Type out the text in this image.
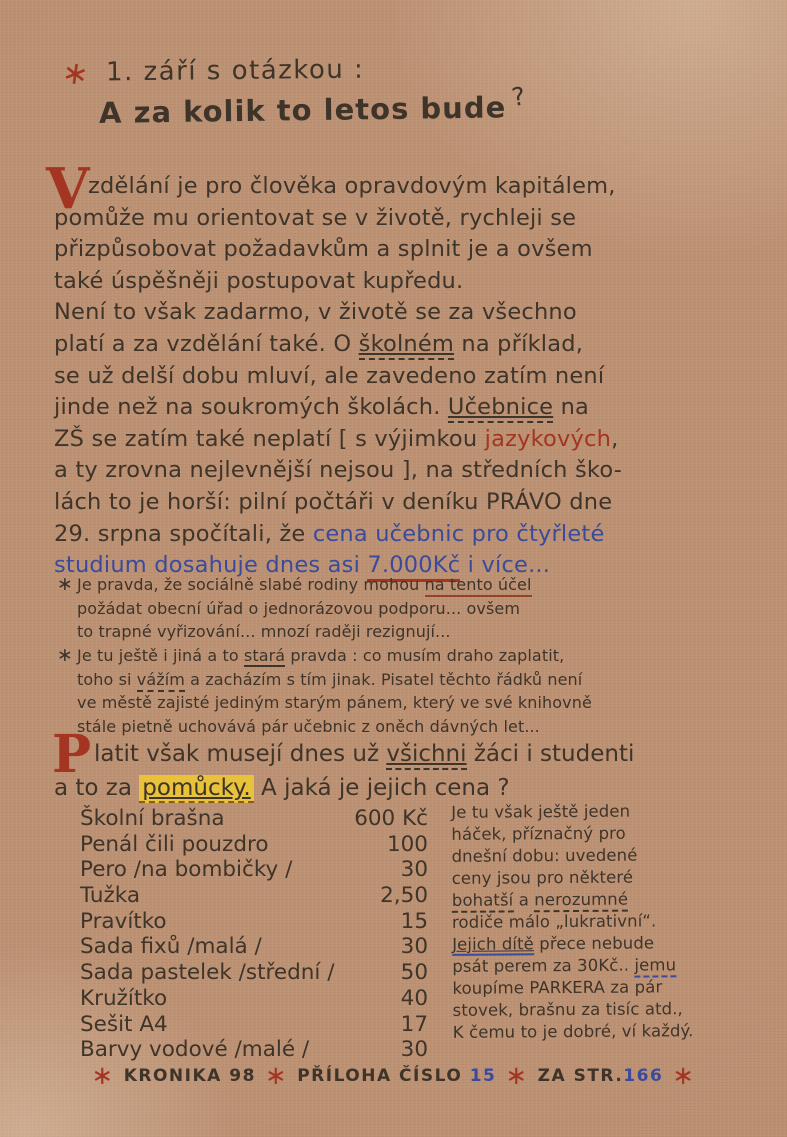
∗ 1. září s otázkou :
A za kolik to letos bude ?
V
zdělání je pro člověka opravdovým kapitálem,
pomůže mu orientovat se v životě, rychleji se
přizpůsobovat požadavkům a splnit je a ovšem
také úspěšněji postupovat kupředu.
Není to však zadarmo, v životě se za všechno
platí a za vzdělání také. O školném na příklad,
se už delší dobu mluví, ale zavedeno zatím není
jinde než na soukromých školách. Učebnice na
ZŠ se zatím také neplatí [ s výjimkou jazykových,
a ty zrovna nejlevnější nejsou ], na středních ško-
lách to je horší: pilní počtáři v deníku PRÁVO dne
29. srpna spočítali, že cena učebnic pro čtyřleté
studium dosahuje dnes asi 7.000Kč i více...
∗ Je pravda, že sociálně slabé rodiny mohou na tento účel
požádat obecní úřad o jednorázovou podporu... ovšem
to trapné vyřizování... mnozí raději rezignují...
∗ Je tu ještě i jiná a to stará pravda : co musím draho zaplatit,
toho si vážím a zacházím s tím jinak. Pisatel těchto řádků není
ve městě zajisté jediným starým pánem, který ve své knihovně
stále pietně uchovává pár učebnic z oněch dávných let...
P latit však musejí dnes už všichni žáci i studenti
a to za pomůcky. A jaká je jejich cena ?
Školní brašna	600 Kč
Penál čili pouzdro	100
Pero /na bombičky /	30
Tužka	2,50
Pravítko	15
Sada fixů /malá /	30
Sada pastelek /střední /	50
Kružítko	40
Sešit A4	17
Barvy vodové /malé /	30
Je tu však ještě jeden
háček, příznačný pro
dnešní dobu: uvedené
ceny jsou pro některé
bohatší a nerozumné
rodiče málo „lukrativní“.
Jejich dítě přece nebude
psát perem za 30Kč.. jemu
koupíme PARKERA za pár
stovek, brašnu za tisíc atd.,
K čemu to je dobré, ví každý.
∗ KRONIKA 98 ∗ PŘÍLOHA ČÍSLO 15 ∗ ZA STR.166 ∗
